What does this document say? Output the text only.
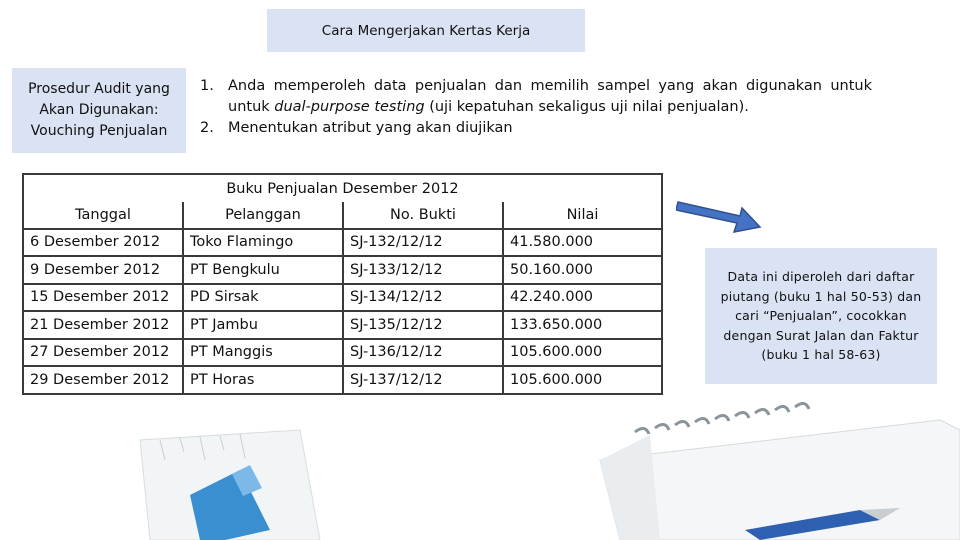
Cara Mengerjakan Kertas Kerja
Prosedur Audit yang
Akan Digunakan:
Vouching Penjualan
1. Anda memperoleh data penjualan dan memilih sampel yang akan digunakan untuk untuk dual-purpose testing (uji kepatuhan sekaligus uji nilai penjualan).
2. Menentukan atribut yang akan diujikan
Buku Penjualan Desember 2012			
Tanggal	Pelanggan	No. Bukti	Nilai
6 Desember 2012	Toko Flamingo	SJ-132/12/12	41.580.000
9 Desember 2012	PT Bengkulu	SJ-133/12/12	50.160.000
15 Desember 2012	PD Sirsak	SJ-134/12/12	42.240.000
21 Desember 2012	PT Jambu	SJ-135/12/12	133.650.000
27 Desember 2012	PT Manggis	SJ-136/12/12	105.600.000
29 Desember 2012	PT Horas	SJ-137/12/12	105.600.000
Data ini diperoleh dari daftar piutang (buku 1 hal 50-53) dan cari “Penjualan”, cocokkan dengan Surat Jalan dan Faktur (buku 1 hal 58-63)
